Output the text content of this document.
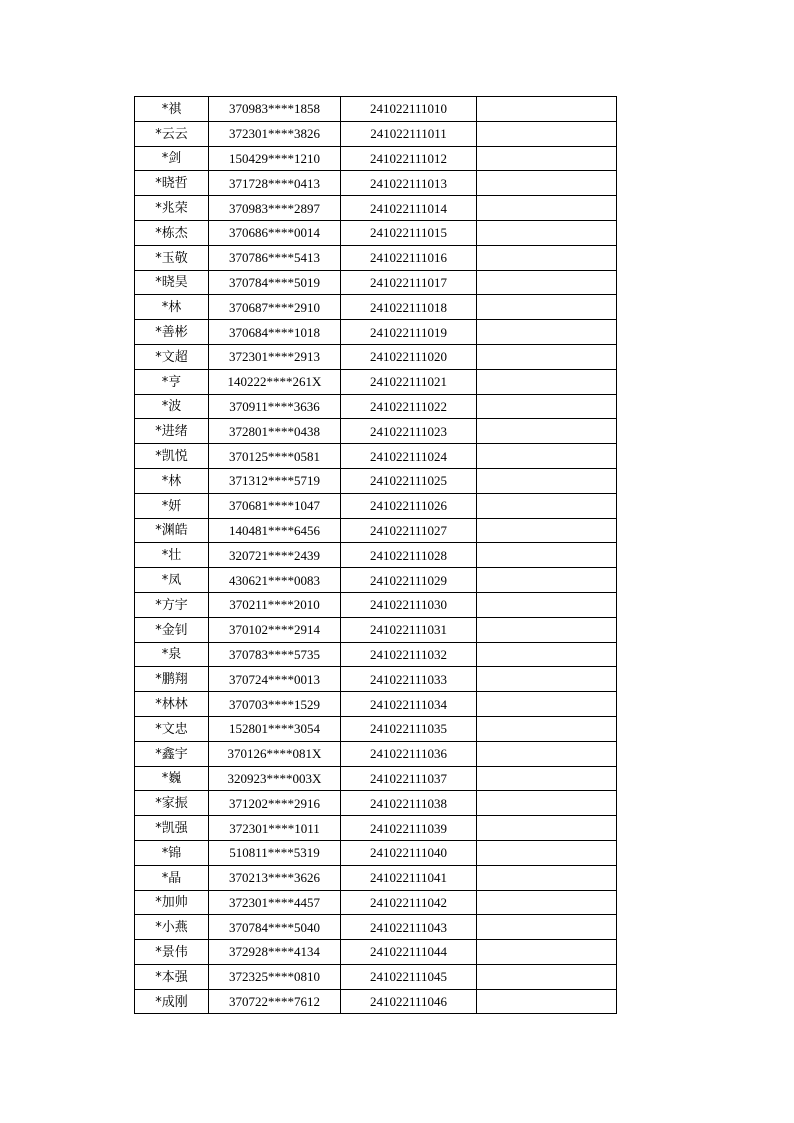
*祺	370983****1858	241022111010	
*云云	372301****3826	241022111011	
*剑	150429****1210	241022111012	
*晓哲	371728****0413	241022111013	
*兆荣	370983****2897	241022111014	
*栋杰	370686****0014	241022111015	
*玉敬	370786****5413	241022111016	
*晓昊	370784****5019	241022111017	
*林	370687****2910	241022111018	
*善彬	370684****1018	241022111019	
*文超	372301****2913	241022111020	
*亨	140222****261X	241022111021	
*波	370911****3636	241022111022	
*进绪	372801****0438	241022111023	
*凯悦	370125****0581	241022111024	
*林	371312****5719	241022111025	
*妍	370681****1047	241022111026	
*渊皓	140481****6456	241022111027	
*壮	320721****2439	241022111028	
*凤	430621****0083	241022111029	
*方宇	370211****2010	241022111030	
*金钊	370102****2914	241022111031	
*泉	370783****5735	241022111032	
*鹏翔	370724****0013	241022111033	
*林林	370703****1529	241022111034	
*文忠	152801****3054	241022111035	
*鑫宇	370126****081X	241022111036	
*巍	320923****003X	241022111037	
*家振	371202****2916	241022111038	
*凯强	372301****1011	241022111039	
*锦	510811****5319	241022111040	
*晶	370213****3626	241022111041	
*加帅	372301****4457	241022111042	
*小燕	370784****5040	241022111043	
*景伟	372928****4134	241022111044	
*本强	372325****0810	241022111045	
*成刚	370722****7612	241022111046	
